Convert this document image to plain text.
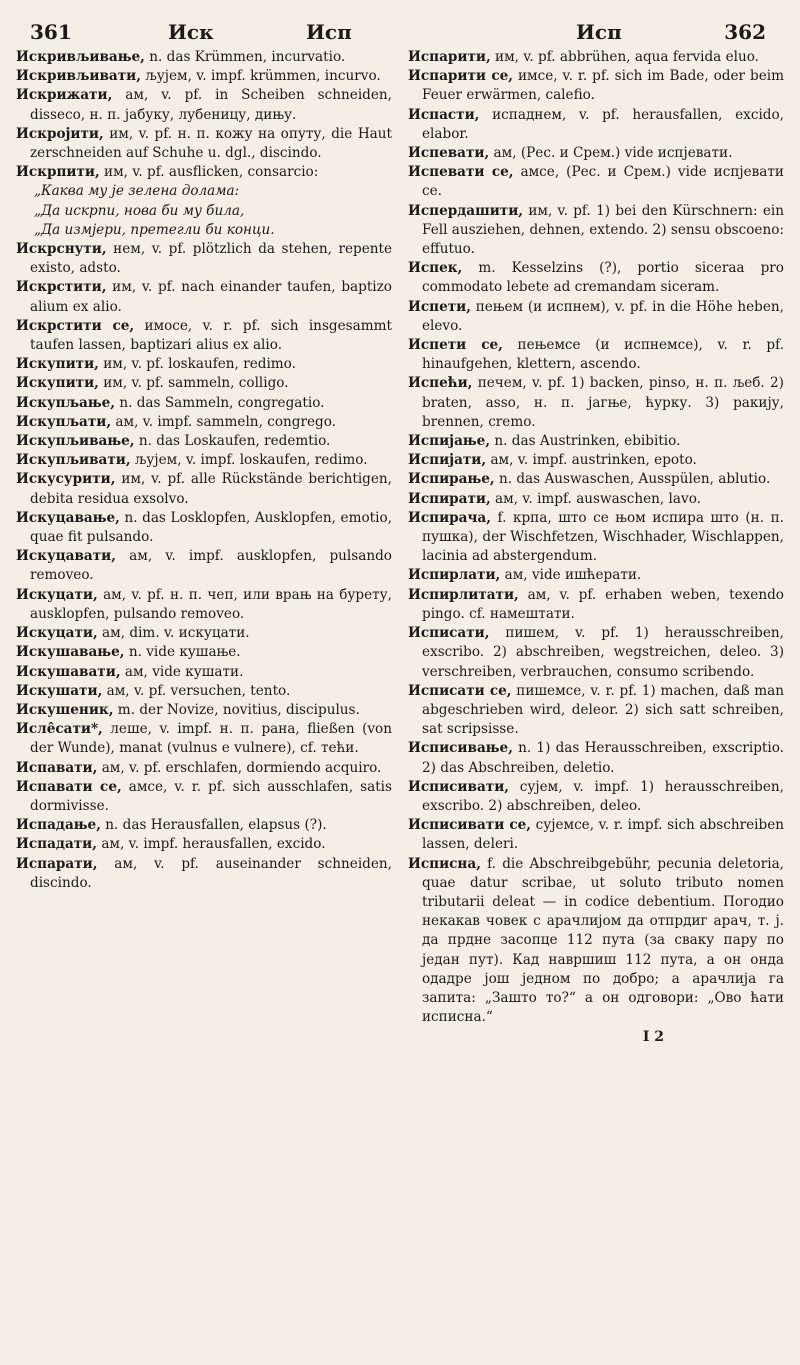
361	Иск	Исп	Исп	362

Искривљивање, n. das Krümmen, incurvatio.

Искривљивати, љујем, v. impf. krümmen, incurvo.

Искрижати, ам, v. pf. in Scheiben schneiden, disseco, н. п. јабуку, лубеницу, дињу.

Искројити, им, v. pf. н. п. кожу на опуту, die Haut zerschneiden auf Schuhe u. dgl., discindo.

Искрпити, им, v. pf. ausflicken, consarcio:

„Каква му је зелена долама:

„Да искрпи, нова би му била,

„Да измјери, претегли би конци.

Искрснути, нем, v. pf. plötzlich da stehen, repente existo, adsto.

Искрстити, им, v. pf. nach einander taufen, baptizo alium ex alio.

Искрстити се, имосе, v. r. pf. sich insgesammt taufen lassen, baptizari alius ex alio.

Искупити, им, v. pf. loskaufen, redimo.

Искупити, им, v. pf. sammeln, colligo.

Искупљање, n. das Sammeln, congregatio.

Искупљати, ам, v. impf. sammeln, congrego.

Искупљивање, n. das Loskaufen, redemtio.

Искупљивати, љујем, v. impf. loskaufen, redimo.

Искусурити, им, v. pf. alle Rückstände berichtigen, debita residua exsolvo.

Искуцавање, n. das Losklopfen, Ausklopfen, emotio, quae fit pulsando.

Искуцавати, ам, v. impf. ausklopfen, pulsando removeo.

Искуцати, ам, v. pf. н. п. чеп, или врањ на бурету, ausklopfen, pulsando removeo.

Искуцати, ам, dim. v. искуцати.

Искушавање, n. vide кушање.

Искушавати, ам, vide кушати.

Искушати, ам, v. pf. versuchen, tento.

Искушеник, m. der Novize, novitius, discipulus.

Исле̂сати*, леше, v. impf. н. п. рана, fließen (von der Wunde), manat (vulnus e vulnere), cf. тећи.

Испавати, ам, v. pf. erschlafen, dormiendo acquiro.

Испавати се, амсе, v. r. pf. sich ausschlafen, satis dormivisse.

Испадање, n. das Herausfallen, elapsus (?).

Испадати, ам, v. impf. herausfallen, excido.

Испарати, ам, v. pf. auseinander schneiden, discindo.

Испарити, им, v. pf. abbrühen, aqua fervida eluo.

Испарити се, имсе, v. r. pf. sich im Bade, oder beim Feuer erwärmen, calefio.

Испасти, испаднем, v. pf. herausfallen, excido, elabor.

Испевати, ам, (Рес. и Срем.) vide испјевати.

Испевати се, амсе, (Рес. и Срем.) vide испјевати се.

Испердашити, им, v. pf. 1) bei den Kürschnern: ein Fell ausziehen, dehnen, extendo. 2) sensu obscoeno: effutuo.

Испек, m. Kesselzins (?), portio siceraa pro commodato lebete ad cremandam siceram.

Испети, пењем (и испнем), v. pf. in die Höhe heben, elevo.

Испети се, пењемсе (и испнемсе), v. r. pf. hinaufgehen, klettern, ascendo.

Испећи, печем, v. pf. 1) backen, pinso, н. п. љеб. 2) braten, asso, н. п. јагње, ћурку. 3) ракију, brennen, cremo.

Испијање, n. das Austrinken, ebibitio.

Испијати, ам, v. impf. austrinken, epoto.

Испирање, n. das Auswaschen, Ausspülen, ablutio.

Испирати, ам, v. impf. auswaschen, lavo.

Испирача, f. крпа, што се њом испира што (н. п. пушка), der Wischfetzen, Wischhader, Wischlappen, lacinia ad abstergendum.

Испирлати, ам, vide ишћерати.

Испирлитати, ам, v. pf. erhaben weben, texendo pingo. cf. намештати.

Исписати, пишем, v. pf. 1) herausschreiben, exscribo. 2) abschreiben, wegstreichen, deleo. 3) verschreiben, verbrauchen, consumo scribendo.

Исписати се, пишемсе, v. r. pf. 1) machen, daß man abgeschrieben wird, deleor. 2) sich satt schreiben, sat scripsisse.

Исписивање, n. 1) das Herausschreiben, exscriptio. 2) das Abschreiben, deletio.

Исписивати, сујем, v. impf. 1) herausschreiben, exscribo. 2) abschreiben, deleo.

Исписивати се, сујемсе, v. r. impf. sich abschreiben lassen, deleri.

Исписна, f. die Abschreibgebühr, pecunia deletoria, quae datur scribae, ut soluto tributo nomen tributarii deleat — in codice debentium. Погодио некакав човек с арачлијом да отпрдиг арач, т. ј. да прдне засопце 112 пута (за сваку пару по један пут). Кад навршиш 112 пута, а он онда одадре још једном по добро; а арачлија га запита: „Зашто то?“ а он одговори: „Ово ћати исписна.“

I 2
